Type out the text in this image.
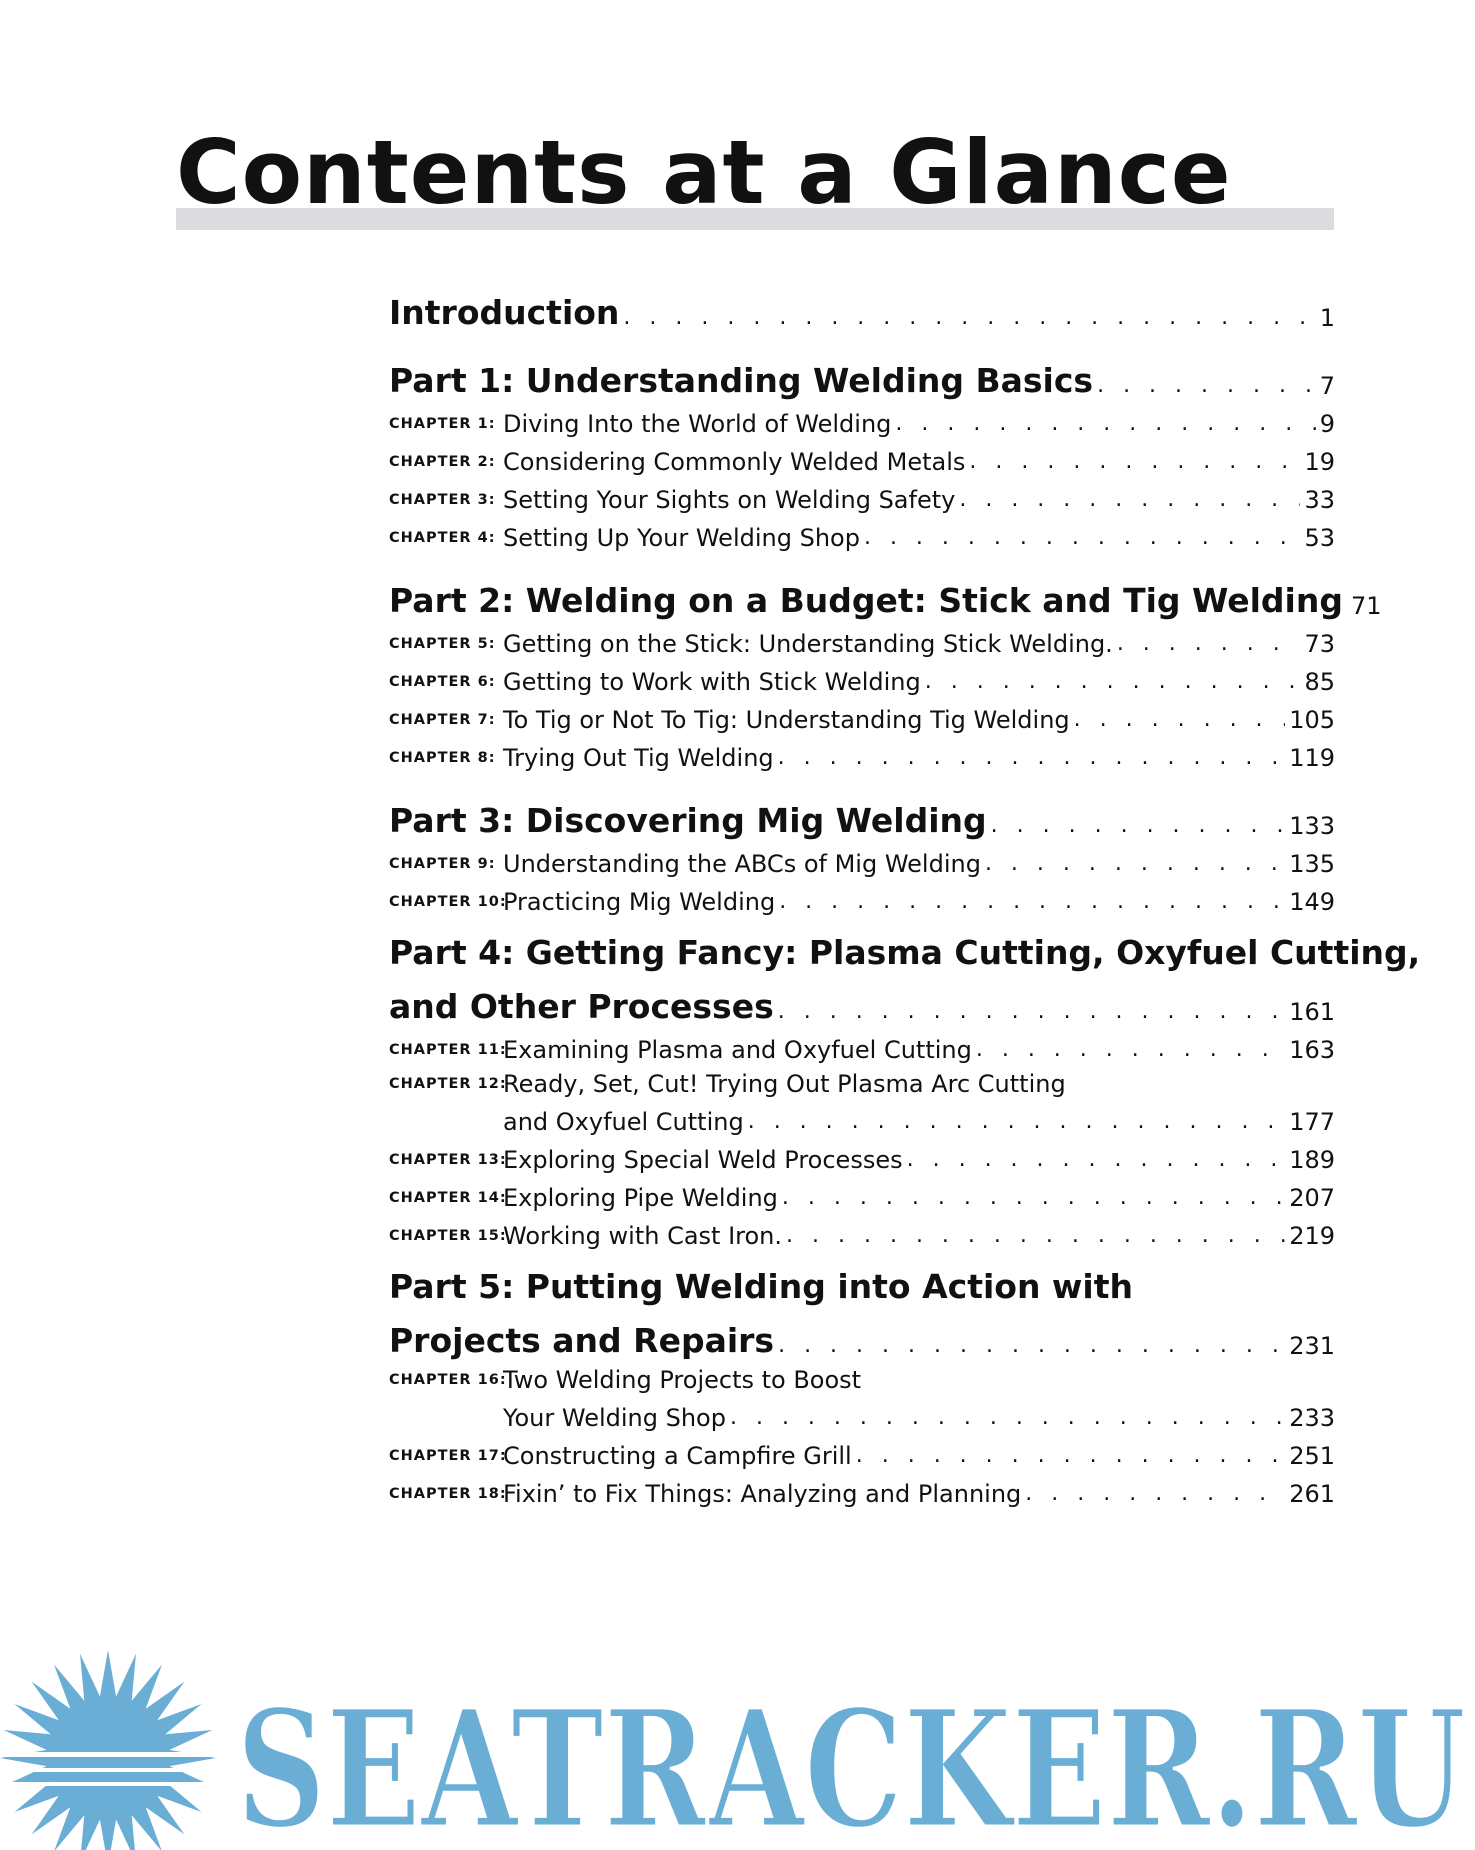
Contents at a Glance
Introduction . . .	1
Part 1: Understanding Welding Basics . . .	7
CHAPTER 1: Diving Into the World of Welding . . .	9
CHAPTER 2: Considering Commonly Welded Metals . . .	19
CHAPTER 3: Setting Your Sights on Welding Safety . . .	33
CHAPTER 4: Setting Up Your Welding Shop . . .	53
Part 2: Welding on a Budget: Stick and Tig Welding 71
CHAPTER 5: Getting on the Stick: Understanding Stick Welding. . . .	73
CHAPTER 6: Getting to Work with Stick Welding . . .	85
CHAPTER 7: To Tig or Not To Tig: Understanding Tig Welding . . .	105
CHAPTER 8: Trying Out Tig Welding . . .	119
Part 3: Discovering Mig Welding . . .	133
CHAPTER 9: Understanding the ABCs of Mig Welding . . .	135
CHAPTER 10:
Practicing Mig Welding . . .	149
Part 4: Getting Fancy: Plasma Cutting, Oxyfuel Cutting,
and Other Processes . . .	161
CHAPTER 11:
Examining Plasma and Oxyfuel Cutting . . .	163
CHAPTER 12:
Ready, Set, Cut! Trying Out Plasma Arc Cutting
and Oxyfuel Cutting . . .	177
CHAPTER 13:
Exploring Special Weld Processes . . .	189
CHAPTER 14:
Exploring Pipe Welding . . .	207
CHAPTER 15:
Working with Cast Iron. . . .	219
Part 5: Putting Welding into Action with
Projects and Repairs . . .	231
CHAPTER 16:
Two Welding Projects to Boost
Your Welding Shop . . .	233
CHAPTER 17:
Constructing a Campfire Grill . . .	251
CHAPTER 18:
Fixin’ to Fix Things: Analyzing and Planning . . .	261
SEATRACKER.RU
